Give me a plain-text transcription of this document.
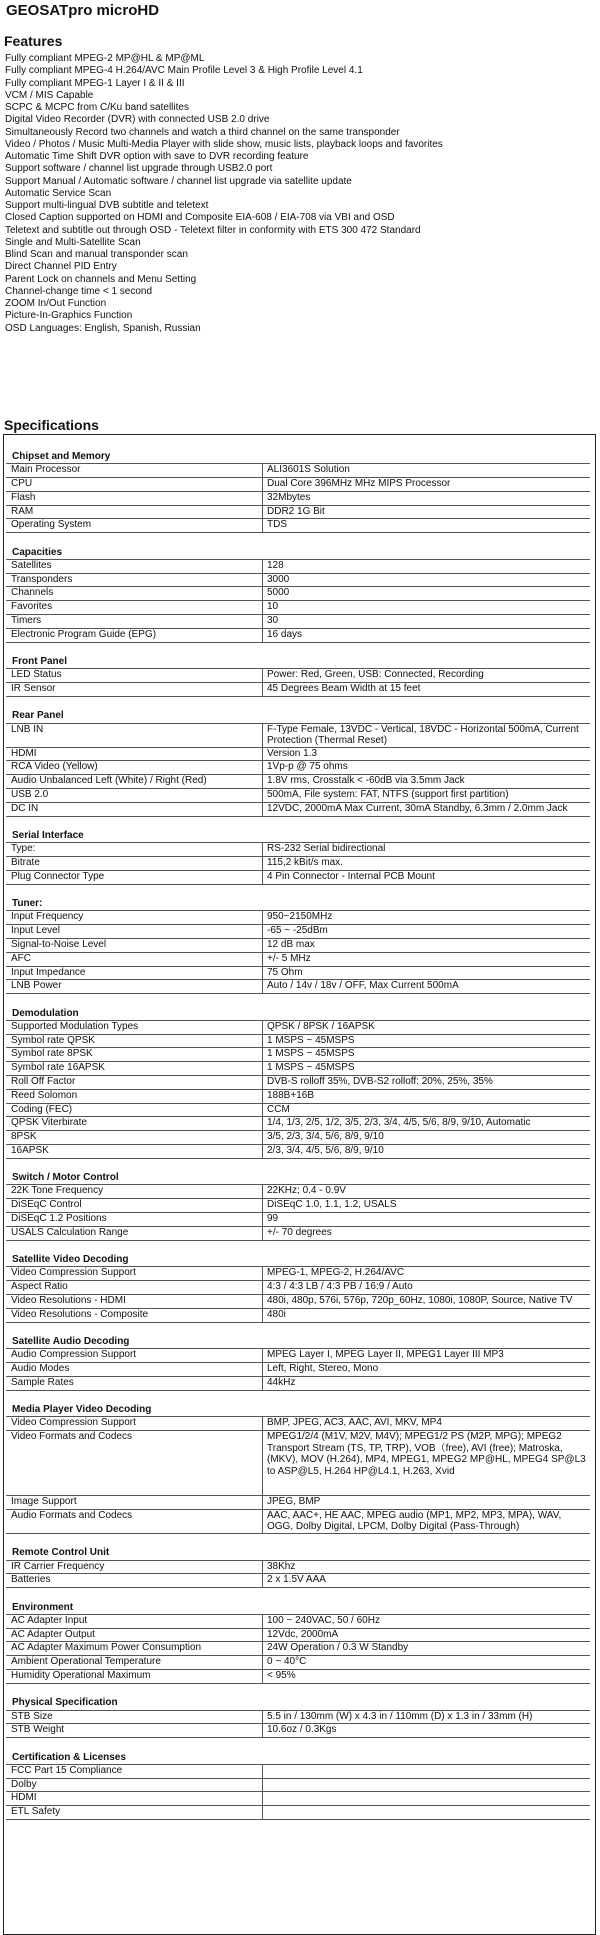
GEOSATpro microHD
Features
Fully compliant MPEG-2 MP@HL & MP@ML
Fully compliant MPEG-4 H.264/AVC Main Profile Level 3 & High Profile Level 4.1
Fully compliant MPEG-1 Layer I & II & III
VCM / MIS Capable
SCPC & MCPC from C/Ku band satellites
Digital Video Recorder (DVR) with connected USB 2.0 drive
Simultaneously Record two channels and watch a third channel on the same transponder
Video / Photos / Music Multi-Media Player with slide show, music lists, playback loops and favorites
Automatic Time Shift DVR option with save to DVR recording feature
Support software / channel list upgrade through USB2.0 port
Support Manual / Automatic software / channel list upgrade via satellite update
Automatic Service Scan
Support multi-lingual DVB subtitle and teletext
Closed Caption supported on HDMI and Composite EIA-608 / EIA-708 via VBI and OSD
Teletext and subtitle out through OSD - Teletext filter in conformity with ETS 300 472 Standard
Single and Multi-Satellite Scan
Blind Scan and manual transponder scan
Direct Channel PID Entry
Parent Lock on channels and Menu Setting
Channel-change time < 1 second
ZOOM In/Out Function
Picture-In-Graphics Function
OSD Languages: English, Spanish, Russian
Specifications
Chipset and Memory
Main Processor	ALI3601S Solution
CPU	Dual Core 396MHz MHz MIPS Processor
Flash	32Mbytes
RAM	DDR2 1G Bit
Operating System	TDS
Capacities
Satellites	128
Transponders	3000
Channels	5000
Favorites	10
Timers	30
Electronic Program Guide (EPG)	16 days
Front Panel
LED Status	Power: Red, Green, USB: Connected, Recording
IR Sensor	45 Degrees Beam Width at 15 feet
Rear Panel
LNB IN	F-Type Female, 13VDC - Vertical, 18VDC - Horizontal 500mA, Current Protection (Thermal Reset)
HDMI	Version 1.3
RCA Video (Yellow)	1Vp-p @ 75 ohms
Audio Unbalanced Left (White) / Right (Red)	1.8V rms, Crosstalk < -60dB via 3.5mm Jack
USB 2.0	500mA, File system: FAT, NTFS (support first partition)
DC IN	12VDC, 2000mA Max Current, 30mA Standby, 6.3mm / 2.0mm Jack
Serial Interface
Type:	RS-232 Serial bidirectional
Bitrate	115,2 kBit/s max.
Plug Connector Type	4 Pin Connector - Internal PCB Mount
Tuner:
Input Frequency	950~2150MHz
Input Level	-65 ~ -25dBm
Signal-to-Noise Level	12 dB max
AFC	+/- 5 MHz
Input Impedance	75 Ohm
LNB Power	Auto / 14v / 18v / OFF, Max Current 500mA
Demodulation
Supported Modulation Types	QPSK / 8PSK / 16APSK
Symbol rate QPSK	1 MSPS ~ 45MSPS
Symbol rate 8PSK	1 MSPS ~ 45MSPS
Symbol rate 16APSK	1 MSPS ~ 45MSPS
Roll Off Factor	DVB-S rolloff 35%, DVB-S2 rolloff: 20%, 25%, 35%
Reed Solomon	188B+16B
Coding (FEC)	CCM
QPSK Viterbirate	1/4, 1/3, 2/5, 1/2, 3/5, 2/3, 3/4, 4/5, 5/6, 8/9, 9/10, Automatic
8PSK	3/5, 2/3, 3/4, 5/6, 8/9, 9/10
16APSK	2/3, 3/4, 4/5, 5/6, 8/9, 9/10
Switch / Motor Control
22K Tone Frequency	22KHz; 0.4 - 0.9V
DiSEqC Control	DiSEqC 1.0, 1.1, 1.2, USALS
DiSEqC 1.2 Positions	99
USALS Calculation Range	+/- 70 degrees
Satellite Video Decoding
Video Compression Support	MPEG-1, MPEG-2, H.264/AVC
Aspect Ratio	4:3 / 4:3 LB / 4:3 PB / 16:9 / Auto
Video Resolutions - HDMI	480i, 480p, 576i, 576p, 720p_60Hz, 1080i, 1080P, Source, Native TV
Video Resolutions - Composite	480i
Satellite Audio Decoding
Audio Compression Support	MPEG Layer I, MPEG Layer II, MPEG1 Layer III MP3
Audio Modes	Left, Right, Stereo, Mono
Sample Rates	44kHz
Media Player Video Decoding
Video Compression Support	BMP, JPEG, AC3, AAC, AVI, MKV, MP4
Video Formats and Codecs	MPEG1/2/4 (M1V, M2V, M4V); MPEG1/2 PS (M2P, MPG); MPEG2 Transport Stream (TS, TP, TRP), VOB（free), AVI (free); Matroska, (MKV), MOV (H.264), MP4, MPEG1, MPEG2 MP@HL, MPEG4 SP@L3 to ASP@L5, H.264 HP@L4.1, H.263, Xvid
Image Support	JPEG, BMP
Audio Formats and Codecs	AAC, AAC+, HE AAC, MPEG audio (MP1, MP2, MP3, MPA), WAV, OGG, Dolby Digital, LPCM, Dolby Digital (Pass-Through)
Remote Control Unit
IR Carrier Frequency	38Khz
Batteries	2 x 1.5V AAA
Environment
AC Adapter Input	100 ~ 240VAC, 50 / 60Hz
AC Adapter Output	12Vdc, 2000mA
AC Adapter Maximum Power Consumption	24W Operation / 0.3 W Standby
Ambient Operational Temperature	0 ~ 40°C
Humidity Operational Maximum	< 95%
Physical Specification
STB Size	5.5 in / 130mm (W) x 4.3 in / 110mm (D) x 1.3 in / 33mm (H)
STB Weight	10.6oz / 0.3Kgs
Certification & Licenses
FCC Part 15 Compliance
Dolby
HDMI
ETL Safety
